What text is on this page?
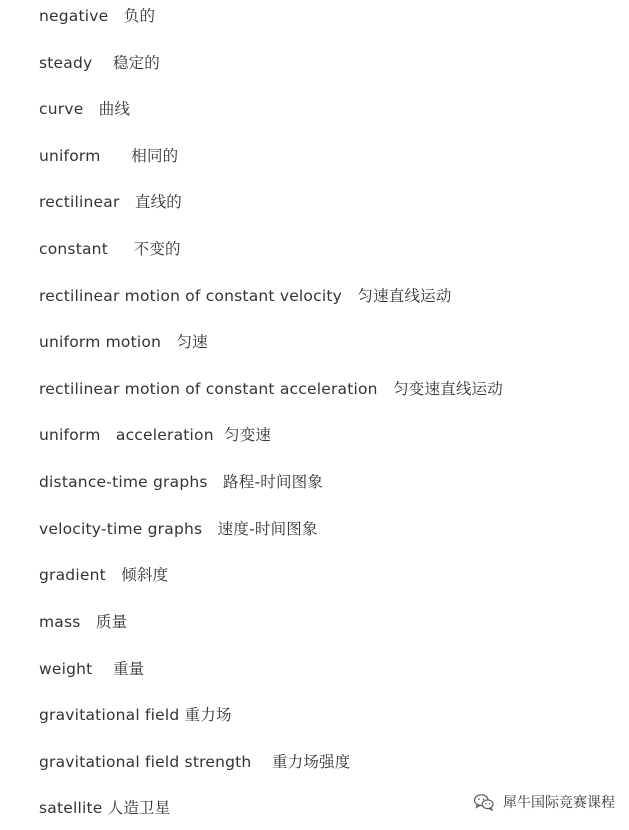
negative   负的
steady    稳定的
curve   曲线
uniform      相同的
rectilinear   直线的
constant     不变的
rectilinear motion of constant velocity   匀速直线运动
uniform motion   匀速
rectilinear motion of constant acceleration   匀变速直线运动
uniform   acceleration  匀变速
distance-time graphs   路程-时间图象
velocity-time graphs   速度-时间图象
gradient   倾斜度
mass   质量
weight    重量
gravitational field 重力场
gravitational field strength    重力场强度
satellite 人造卫星	犀牛国际竞赛课程
